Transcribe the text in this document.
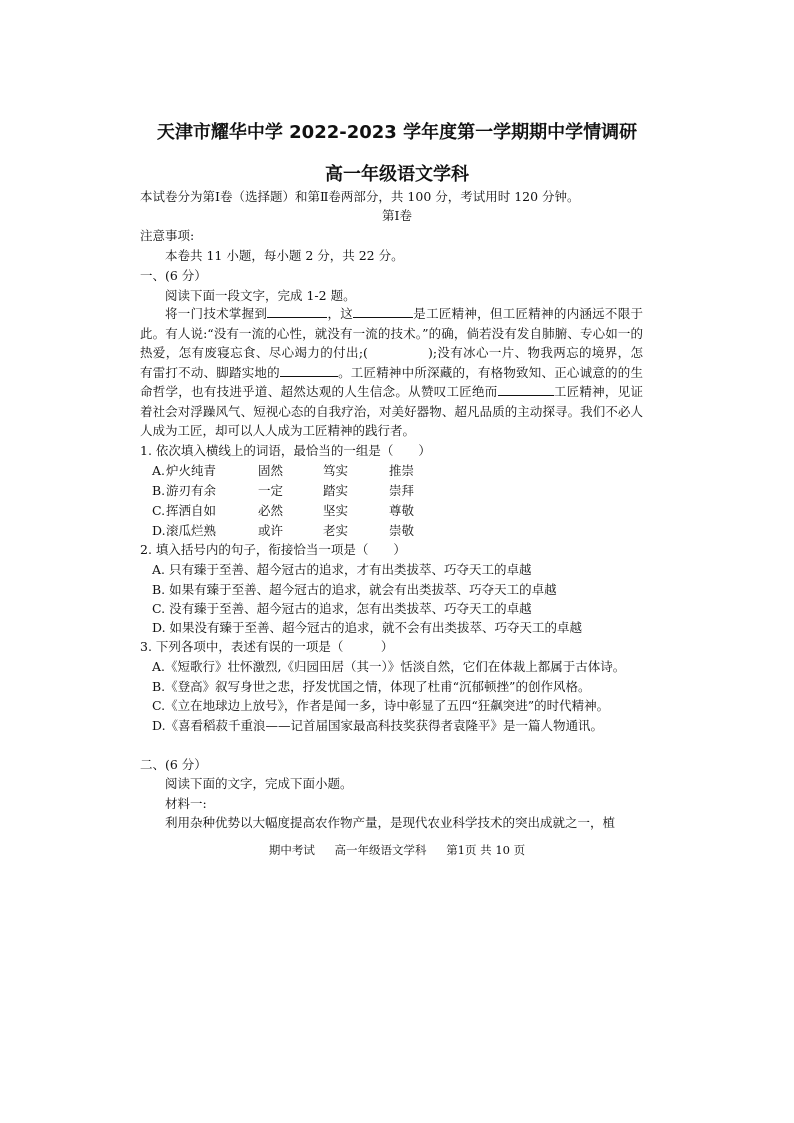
天津市耀华中学 2022-2023 学年度第一学期期中学情调研
高一年级语文学科
本试卷分为第Ⅰ卷（选择题）和第Ⅱ卷两部分，共 100 分，考试用时 120 分钟。
第Ⅰ卷
注意事项:
本卷共 11 小题，每小题 2 分，共 22 分。
一、(6 分）
阅读下面一段文字，完成 1-2 题。
将一门技术掌握到	，这	是工匠精神，但工匠精神的内涵远不限于此。有人说:“没有一流的心性，就没有一流的技术。”的确，倘若没有发自肺腑、专心如一的热爱，怎有废寝忘食、尽心竭力的付出;(	);没有冰心一片、物我两忘的境界，怎有雷打不动、脚踏实地的	。工匠精神中所深藏的，有格物致知、正心诚意的的生命哲学，也有技进乎道、超然达观的人生信念。从赞叹工匠绝而	工匠精神，见证着社会对浮躁风气、短视心态的自我疗治，对美好器物、超凡品质的主动探寻。我们不必人人成为工匠，却可以人人成为工匠精神的践行者。
1. 依次填入横线上的词语，最恰当的一组是（　　）
A. 炉火纯青	固然	笃实	推崇
B. 游刃有余	一定	踏实	崇拜
C. 挥洒自如	必然	坚实	尊敬
D. 滚瓜烂熟	或许	老实	崇敬
2. 填入括号内的句子，衔接恰当一项是（　　）
A. 只有臻于至善、超今冠古的追求，才有出类拔萃、巧夺天工的卓越
B. 如果有臻于至善、超今冠古的追求，就会有出类拔萃、巧夺天工的卓越
C. 没有臻于至善、超今冠古的追求，怎有出类拔萃、巧夺天工的卓越
D. 如果没有臻于至善、超今冠古的追求，就不会有出类拔萃、巧夺天工的卓越
3. 下列各项中，表述有误的一项是（　　　）
A.《短歌行》壮怀激烈,《归园田居（其一）》恬淡自然，它们在体裁上都属于古体诗。
B.《登高》叙写身世之悲，抒发忧国之情，体现了杜甫“沉郁顿挫”的创作风格。
C.《立在地球边上放号》，作者是闻一多，诗中彰显了五四“狂飙突进”的时代精神。
D.《喜看稻菽千重浪——记首届国家最高科技奖获得者袁隆平》是一篇人物通讯。
二、(6 分）
阅读下面的文字，完成下面小题。
材料一:
利用杂种优势以大幅度提高农作物产量，是现代农业科学技术的突出成就之一，植
期中考试 高一年级语文学科 第1页 共 10 页
